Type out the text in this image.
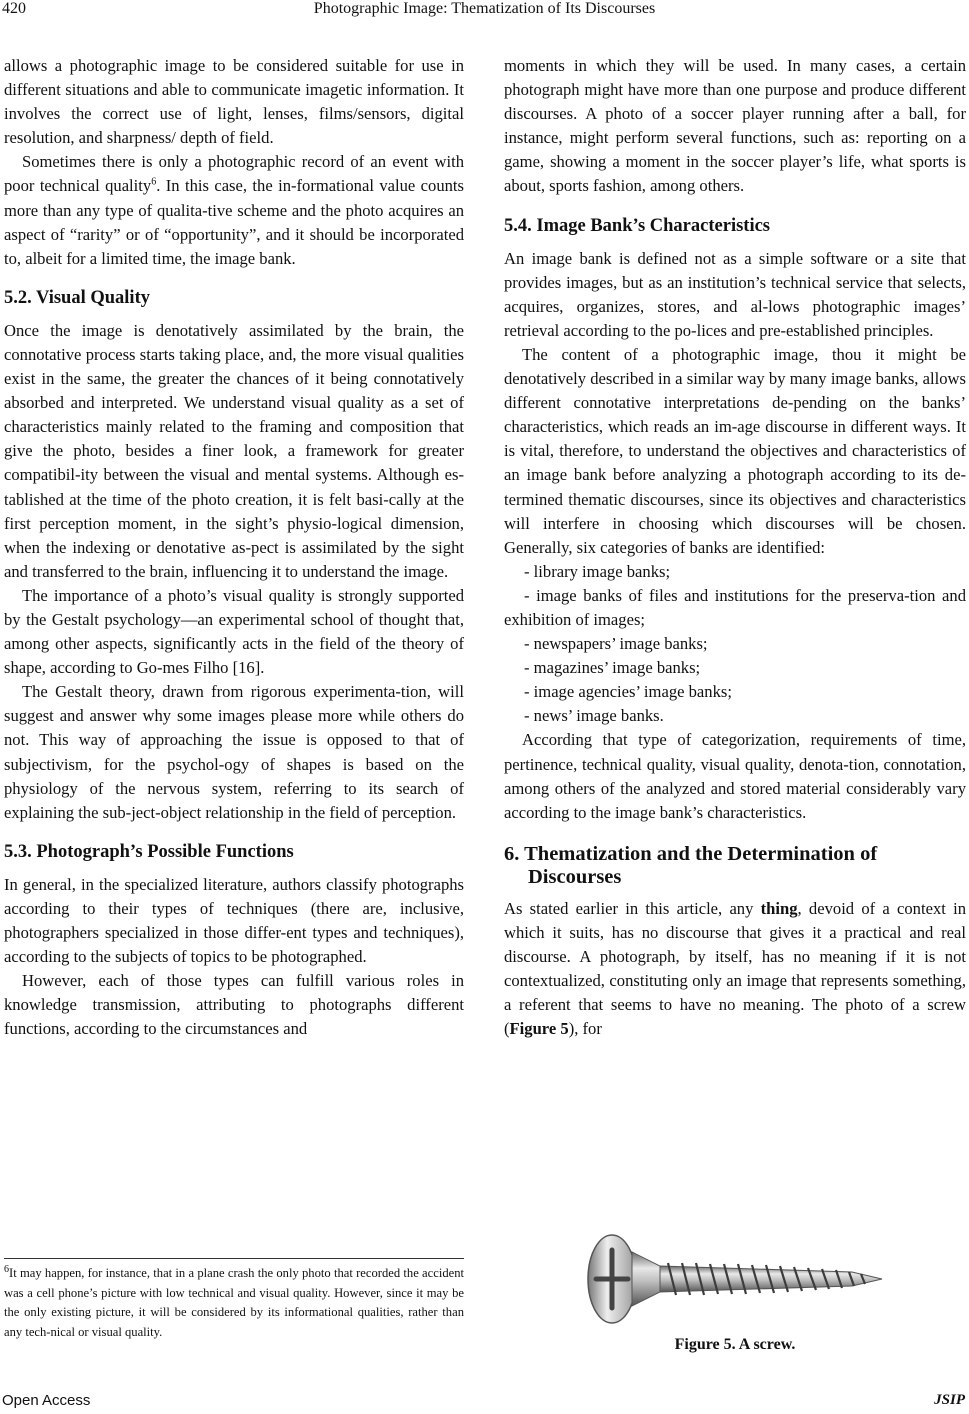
420	Photographic Image: Thematization of Its Discourses

allows a photographic image to be considered suitable for use in different situations and able to communicate imagetic information. It involves the correct use of light, lenses, films/sensors, digital resolution, and sharpness/ depth of field.

Sometimes there is only a photographic record of an event with poor technical quality$^6$. In this case, the in-formational value counts more than any type of qualita-tive scheme and the photo acquires an aspect of “rarity” or of “opportunity”, and it should be incorporated to, albeit for a limited time, the image bank.

5.2. Visual Quality

Once the image is denotatively assimilated by the brain, the connotative process starts taking place, and, the more visual qualities exist in the same, the greater the chances of it being connotatively absorbed and interpreted. We understand visual quality as a set of characteristics mainly related to the framing and composition that give the photo, besides a finer look, a framework for greater compatibil-ity between the visual and mental systems. Although es-tablished at the time of the photo creation, it is felt basi-cally at the first perception moment, in the sight’s physio-logical dimension, when the indexing or denotative as-pect is assimilated by the sight and transferred to the brain, influencing it to understand the image.

The importance of a photo’s visual quality is strongly supported by the Gestalt psychology—an experimental school of thought that, among other aspects, significantly acts in the field of the theory of shape, according to Go-mes Filho [16].

The Gestalt theory, drawn from rigorous experimenta-tion, will suggest and answer why some images please more while others do not. This way of approaching the issue is opposed to that of subjectivism, for the psychol-ogy of shapes is based on the physiology of the nervous system, referring to its search of explaining the sub-ject-object relationship in the field of perception.

5.3. Photograph’s Possible Functions

In general, in the specialized literature, authors classify photographs according to their types of techniques (there are, inclusive, photographers specialized in those differ-ent types and techniques), according to the subjects of topics to be photographed.

However, each of those types can fulfill various roles in knowledge transmission, attributing to photographs different functions, according to the circumstances and

$^6$It may happen, for instance, that in a plane crash the only photo that recorded the accident was a cell phone’s picture with low technical and visual quality. However, since it may be the only existing picture, it will be considered by its informational qualities, rather than any tech-nical or visual quality.

moments in which they will be used. In many cases, a certain photograph might have more than one purpose and produce different discourses. A photo of a soccer player running after a ball, for instance, might perform several functions, such as: reporting on a game, showing a moment in the soccer player’s life, what sports is about, sports fashion, among others.

5.4. Image Bank’s Characteristics

An image bank is defined not as a simple software or a site that provides images, but as an institution’s technical service that selects, acquires, organizes, stores, and al-lows photographic images’ retrieval according to the po-lices and pre-established principles.

The content of a photographic image, thou it might be denotatively described in a similar way by many image banks, allows different connotative interpretations de-pending on the banks’ characteristics, which reads an im-age discourse in different ways. It is vital, therefore, to understand the objectives and characteristics of an image bank before analyzing a photograph according to its de-termined thematic discourses, since its objectives and characteristics will interfere in choosing which discourses will be chosen. Generally, six categories of banks are identified:

- library image banks;
- image banks of files and institutions for the preserva-tion and exhibition of images;
- newspapers’ image banks;
- magazines’ image banks;
- image agencies’ image banks;
- news’ image banks.

According that type of categorization, requirements of time, pertinence, technical quality, visual quality, denota-tion, connotation, among others of the analyzed and stored material considerably vary according to the image bank’s characteristics.

6. Thematization and the Determination of Discourses

As stated earlier in this article, any thing, devoid of a context in which it suits, has no discourse that gives it a practical and real discourse. A photograph, by itself, has no meaning if it is not contextualized, constituting only an image that represents something, a referent that seems to have no meaning. The photo of a screw (Figure 5), for

Figure 5. A screw.
Open Access	JSIP
